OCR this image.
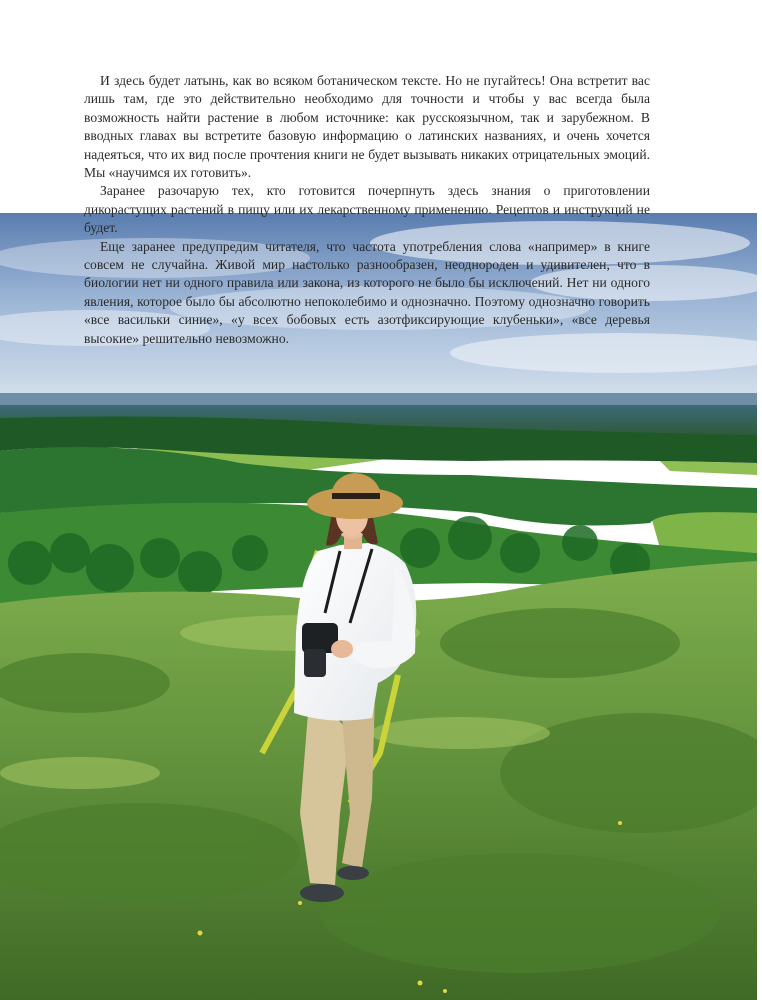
И здесь будет латынь, как во всяком ботаническом тексте. Но не пугайтесь! Она встретит вас лишь там, где это действительно необходимо для точности и чтобы у вас всегда была возможность найти растение в любом источнике: как русскоязычном, так и зарубежном. В вводных главах вы встретите базовую информацию о латинских названиях, и очень хочется надеяться, что их вид после прочтения книги не будет вызывать никаких отрицательных эмоций. Мы «научимся их готовить».

Заранее разочарую тех, кто готовится почерпнуть здесь знания о приготовлении дикорастущих растений в пищу или их лекарственному применению. Рецептов и инструкций не будет.

Еще заранее предупредим читателя, что частота употребления слова «например» в книге совсем не случайна. Живой мир настолько разнообразен, неоднороден и удивителен, что в биологии нет ни одного правила или закона, из которого не было бы исключений. Нет ни одного явления, которое было бы абсолютно непоколебимо и однозначно. Поэтому однозначно говорить «все васильки синие», «у всех бобовых есть азотфиксирующие клубеньки», «все деревья высокие» решительно невозможно.
